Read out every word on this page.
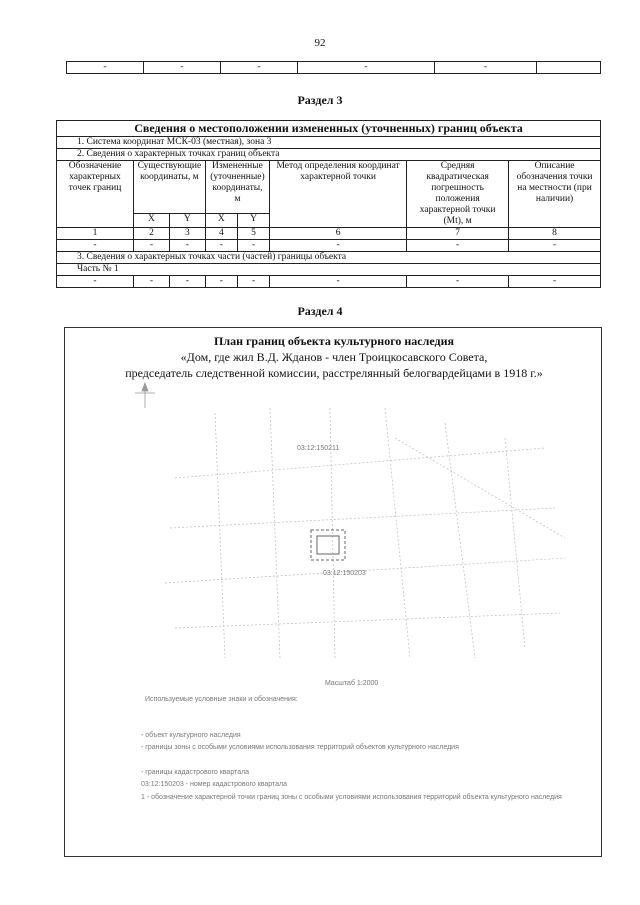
92
-	-	-	-	-	
Раздел 3
Сведения о местоположении измененных (уточненных) границ объекта							
1. Система координат МСК-03 (местная), зона 3							
2. Сведения о характерных точках границ объекта							
Обозначение характерных точек границ	Существующие координаты, м		Измененные (уточненные) координаты, м		Метод определения координат характерной точки	Средняя квадратическая погрешность положения характерной точки (Mt), м	Описание обозначения точки на местности (при наличии)
	X	Y	X	Y			
1	2	3	4	5	6	7	8
-	-	-	-	-	-	-	-
3. Сведения о характерных точках части (частей) границы объекта							
Часть № 1							
-	-	-	-	-	-	-	-
Раздел 4
План границ объекта культурного наследия
«Дом, где жил В.Д. Жданов - член Троицкосавского Совета,
председатель следственной комиссии, расстрелянный белогвардейцами в 1918 г.»
03:12:150211
03:12:150203
Масштаб 1:2000
Используемые условные знаки и обозначения:
- объект культурного наследия
- границы зоны с особыми условиями использования территорий объектов культурного наследия
- границы кадастрового квартала
03:12:150203 - номер кадастрового квартала
1 - обозначение характерной точки границ зоны с особыми условиями использования территорий объекта культурного наследия
